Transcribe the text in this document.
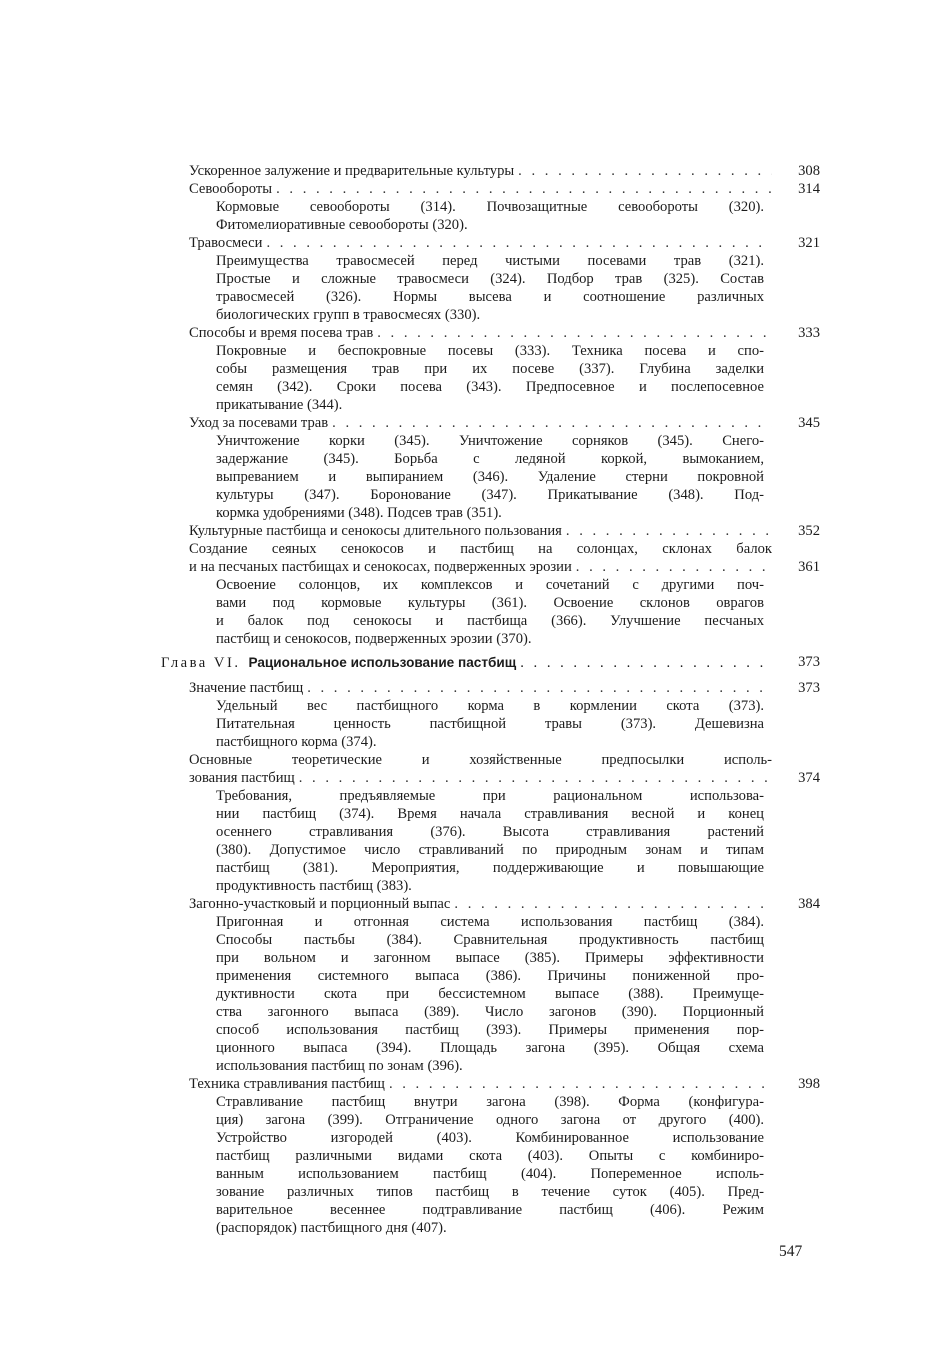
Ускоренное залужение и предварительные культуры . . .	308
Севообороты . . .	314
Кормовые севообороты (314). Почвозащитные севообороты (320).
Фитомелиоративные севообороты (320).
Травосмеси . . .	321
Преимущества травосмесей перед чистыми посевами трав (321).
Простые и сложные травосмеси (324). Подбор трав (325). Состав
травосмесей (326). Нормы высева и соотношение различных
биологических групп в травосмесях (330).
Способы и время посева трав . . .	333
Покровные и беспокровные посевы (333). Техника посева и спо-
собы размещения трав при их посеве (337). Глубина заделки
семян (342). Сроки посева (343). Предпосевное и послепосевное
прикатывание (344).
Уход за посевами трав . . .	345
Уничтожение корки (345). Уничтожение сорняков (345). Снего-
задержание (345). Борьба с ледяной коркой, вымоканием,
выпреванием и выпиранием (346). Удаление стерни покровной
культуры (347). Боронование (347). Прикатывание (348). Под-
кормка удобрениями (348). Подсев трав (351).
Культурные пастбища и сенокосы длительного пользования . . .	352
Создание сеяных сенокосов и пастбищ на солонцах, склонах балок
и на песчаных пастбищах и сенокосах, подверженных эрозии . . .	361
Освоение солонцов, их комплексов и сочетаний с другими поч-
вами под кормовые культуры (361). Освоение склонов оврагов
и балок под сенокосы и пастбища (366). Улучшение песчаных
пастбищ и сенокосов, подверженных эрозии (370).
Глава VI. Рациональное использование пастбищ . . .	373
Значение пастбищ . . .	373
Удельный вес пастбищного корма в кормлении скота (373).
Питательная ценность пастбищной травы (373). Дешевизна
пастбищного корма (374).
Основные теоретические и хозяйственные предпосылки исполь-
зования пастбищ . . .	374
Требования, предъявляемые при рациональном использова-
нии пастбищ (374). Время начала стравливания весной и конец
осеннего стравливания (376). Высота стравливания растений
(380). Допустимое число стравливаний по природным зонам и типам
пастбищ (381). Мероприятия, поддерживающие и повышающие
продуктивность пастбищ (383).
Загонно-участковый и порционный выпас . . .	384
Пригонная и отгонная система использования пастбищ (384).
Способы пастьбы (384). Сравнительная продуктивность пастбищ
при вольном и загонном выпасе (385). Примеры эффективности
применения системного выпаса (386). Причины пониженной про-
дуктивности скота при бессистемном выпасе (388). Преимуще-
ства загонного выпаса (389). Число загонов (390). Порционный
способ использования пастбищ (393). Примеры применения пор-
ционного выпаса (394). Площадь загона (395). Общая схема
использования пастбищ по зонам (396).
Техника стравливания пастбищ . . .	398
Стравливание пастбищ внутри загона (398). Форма (конфигура-
ция) загона (399). Отграничение одного загона от другого (400).
Устройство изгородей (403). Комбинированное использование
пастбищ различными видами скота (403). Опыты с комбиниро-
ванным использованием пастбищ (404). Попеременное исполь-
зование различных типов пастбищ в течение суток (405). Пред-
варительное весеннее подтравливание пастбищ (406). Режим
(распорядок) пастбищного дня (407).
547
